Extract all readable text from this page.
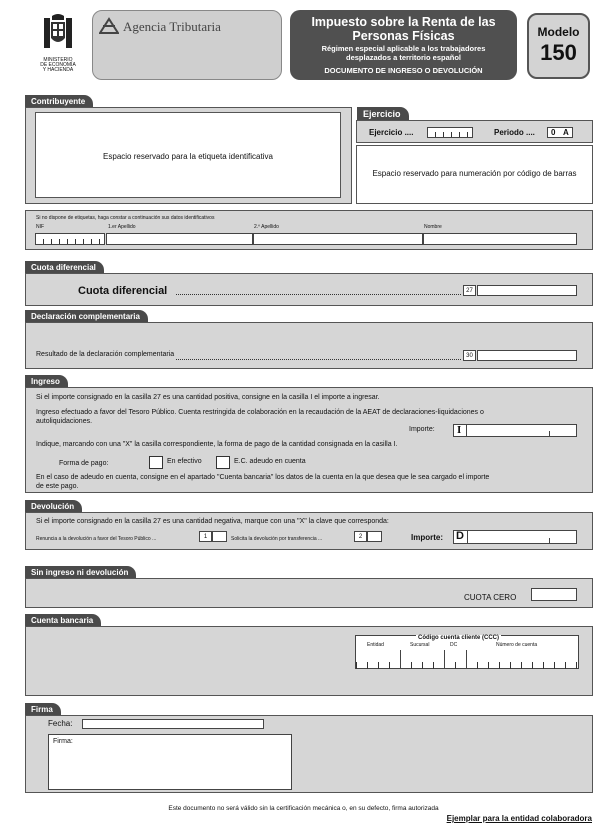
MINISTERIO
DE ECONOMÍA
Y HACIENDA
Agencia Tributaria	Impuesto sobre la Renta de las
Personas Físicas
Régimen especial aplicable a los trabajadores
desplazados a territorio español
DOCUMENTO DE INGRESO O DEVOLUCIÓN
Modelo
150
Contribuyente
Espacio reservado para la etiqueta identificativa
Ejercicio
Ejercicio ....	Periodo .... 0 A
Espacio reservado para numeración por código de barras
Si no dispone de etiquetas, haga constar a continuación sus datos identificativos
NIF	1.er Apellido	2.º Apellido	Nombre
Cuota diferencial
Cuota diferencial	27
Declaración complementaria
Resultado de la declaración complementaria	30
Ingreso
Si el importe consignado en la casilla 27 es una cantidad positiva, consigne en la casilla I el importe a ingresar.
Ingreso efectuado a favor del Tesoro Público. Cuenta restringida de colaboración en la recaudación de la AEAT de declaraciones-liquidaciones o
autoliquidaciones.
Importe: I
Indique, marcando con una "X" la casilla correspondiente, la forma de pago de la cantidad consignada en la casilla I.
Forma de pago:	En efectivo	E.C. adeudo en cuenta
En el caso de adeudo en cuenta, consigne en el apartado "Cuenta bancaria" los datos de la cuenta en la que desea que le sea cargado el importe
de este pago.
Devolución
Si el importe consignado en la casilla 27 es una cantidad negativa, marque con una "X" la clave que corresponda:
Renuncia a la devolución a favor del Tesoro Público ...	1	Solicita la devolución por transferencia ...	2	Importe: D
Sin ingreso ni devolución
CUOTA CERO
Cuenta bancaria
Código cuenta cliente (CCC)
Entidad	Sucursal	DC	Número de cuenta
Firma
Fecha:
Firma:
Este documento no será válido sin la certificación mecánica o, en su defecto, firma autorizada
Ejemplar para la entidad colaboradora
